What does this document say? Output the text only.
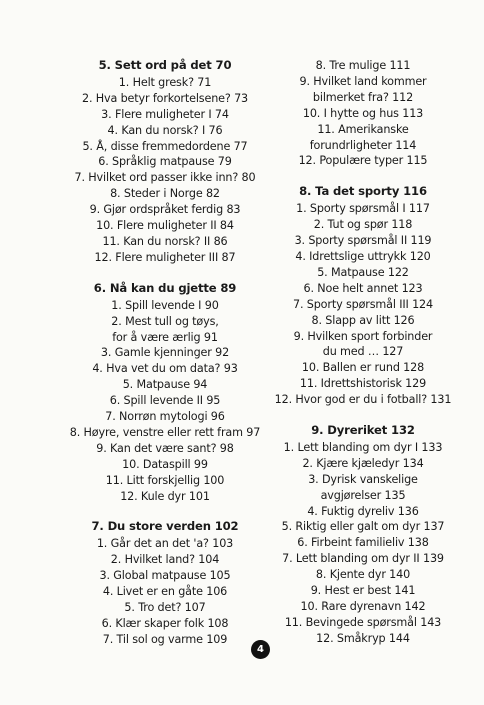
5. Sett ord på det 70
1. Helt gresk? 71
2. Hva betyr forkortelsene? 73
3. Flere muligheter I 74
4. Kan du norsk? I 76
5. Å, disse fremmedordene 77
6. Språklig matpause 79
7. Hvilket ord passer ikke inn? 80
8. Steder i Norge 82
9. Gjør ordspråket ferdig 83
10. Flere muligheter II 84
11. Kan du norsk? II 86
12. Flere muligheter III 87
6. Nå kan du gjette 89
1. Spill levende I 90
2. Mest tull og tøys,
for å være ærlig 91
3. Gamle kjenninger 92
4. Hva vet du om data? 93
5. Matpause 94
6. Spill levende II 95
7. Norrøn mytologi 96
8. Høyre, venstre eller rett fram 97
9. Kan det være sant? 98
10. Dataspill 99
11. Litt forskjellig 100
12. Kule dyr 101
7. Du store verden 102
1. Går det an det 'a? 103
2. Hvilket land? 104
3. Global matpause 105
4. Livet er en gåte 106
5. Tro det? 107
6. Klær skaper folk 108
7. Til sol og varme 109
8. Tre mulige 111
9. Hvilket land kommer
bilmerket fra? 112
10. I hytte og hus 113
11. Amerikanske
forundrligheter 114
12. Populære typer 115
8. Ta det sporty 116
1. Sporty spørsmål I 117
2. Tut og spør 118
3. Sporty spørsmål II 119
4. Idrettslige uttrykk 120
5. Matpause 122
6. Noe helt annet 123
7. Sporty spørsmål III 124
8. Slapp av litt 126
9. Hvilken sport forbinder
du med … 127
10. Ballen er rund 128
11. Idrettshistorisk 129
12. Hvor god er du i fotball? 131
9. Dyreriket 132
1. Lett blanding om dyr I 133
2. Kjære kjæledyr 134
3. Dyrisk vanskelige
avgjørelser 135
4. Fuktig dyreliv 136
5. Riktig eller galt om dyr 137
6. Firbeint familieliv 138
7. Lett blanding om dyr II 139
8. Kjente dyr 140
9. Hest er best 141
10. Rare dyrenavn 142
11. Bevingede spørsmål 143
12. Småkryp 144
4
